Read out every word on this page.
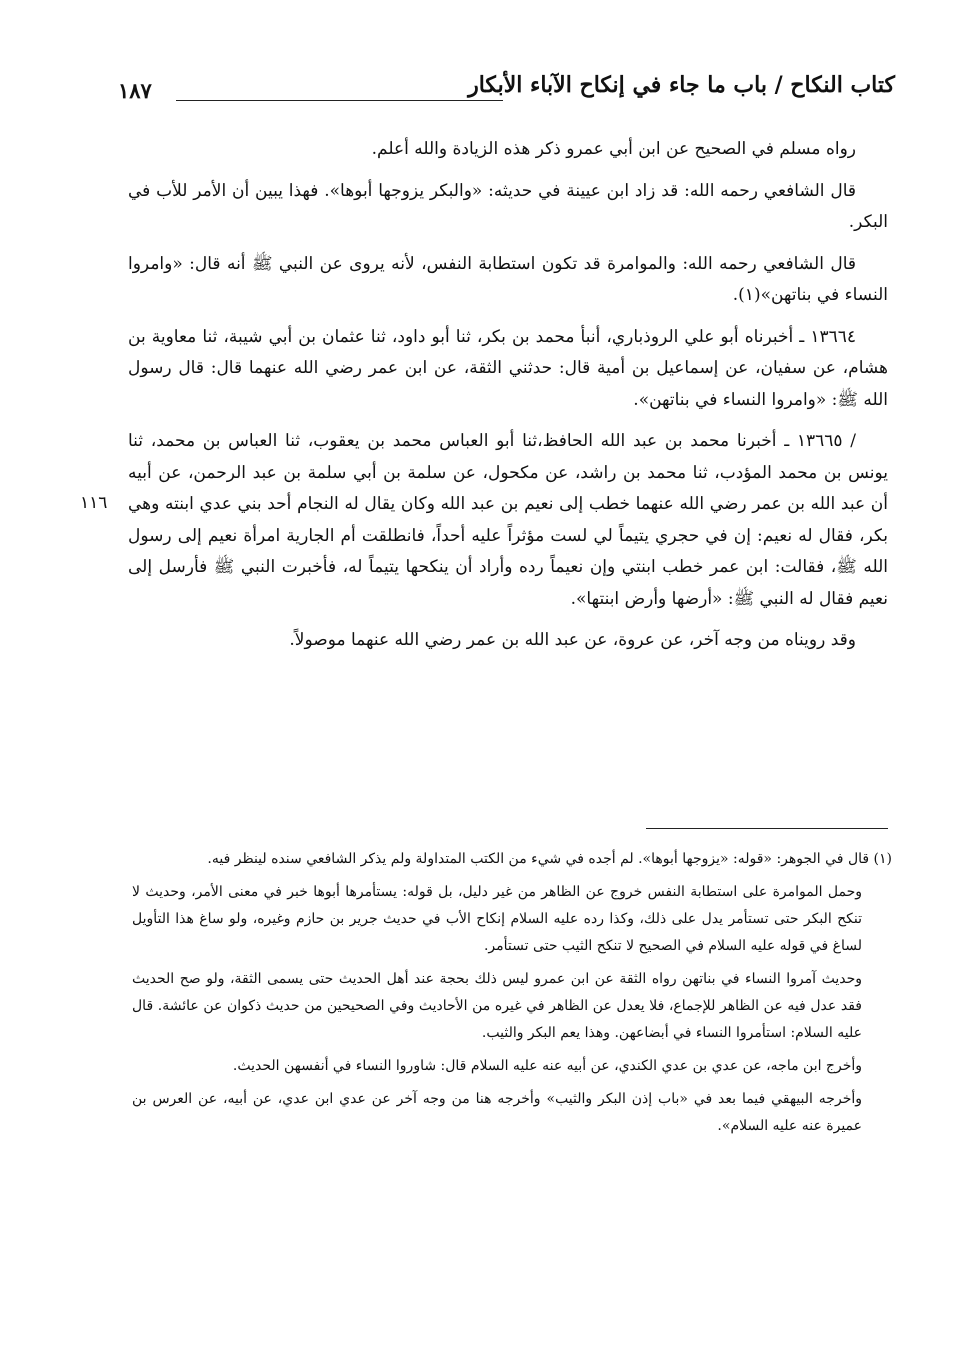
كتاب النكاح / باب ما جاء في إنكاح الآباء الأبكار
١٨٧
١١٦

رواه مسلم في الصحيح عن ابن أبي عمرو ذكر هذه الزيادة والله أعلم.

قال الشافعي رحمه الله: قد زاد ابن عيينة في حديثه: «والبكر يزوجها أبوها». فهذا يبين أن الأمر للأب في البكر.

قال الشافعي رحمه الله: والموامرة قد تكون استطابة النفس، لأنه يروى عن النبي ﷺ أنه قال: «وامروا النساء في بناتهن»(١).

١٣٦٦٤ ـ أخبرناه أبو علي الروذباري، أنبأ محمد بن بكر، ثنا أبو داود، ثنا عثمان بن أبي شيبة، ثنا معاوية بن هشام، عن سفيان، عن إسماعيل بن أمية قال: حدثني الثقة، عن ابن عمر رضي الله عنهما قال: قال رسول الله ﷺ: «وامروا النساء في بناتهن».

/ ١٣٦٦٥ ـ أخبرنا محمد بن عبد الله الحافظ،ثنا أبو العباس محمد بن يعقوب، ثنا العباس بن محمد، ثنا يونس بن محمد المؤدب، ثنا محمد بن راشد، عن مكحول، عن سلمة بن أبي سلمة بن عبد الرحمن، عن أبيه أن عبد الله بن عمر رضي الله عنهما خطب إلى نعيم بن عبد الله وكان يقال له النجام أحد بني عدي ابنته وهي بكر، فقال له نعيم: إن في حجري يتيماً لي لست مؤثراً عليه أحداً، فانطلقت أم الجارية امرأة نعيم إلى رسول الله ﷺ، فقالت: ابن عمر خطب ابنتي وإن نعيماً رده وأراد أن ينكحها يتيماً له، فأخبرت النبي ﷺ فأرسل إلى نعيم فقال له النبي ﷺ: «أرضها وأرض ابنتها».

وقد رويناه من وجه آخر، عن عروة، عن عبد الله بن عمر رضي الله عنهما موصولاً.

(١) قال في الجوهر: «قوله: «يزوجها أبوها». لم أجده في شيء من الكتب المتداولة ولم يذكر الشافعي سنده لينظر فيه.

وحمل الموامرة على استطابة النفس خروج عن الظاهر من غير دليل، بل قوله: يستأمرها أبوها خبر في معنى الأمر، وحديث لا تنكح البكر حتى تستأمر يدل على ذلك، وكذا رده عليه السلام إنكاح الأب في حديث جرير بن حازم وغيره، ولو ساغ هذا التأويل لساغ في قوله عليه السلام في الصحيح لا تنكح الثيب حتى تستأمر.

وحديث آمروا النساء في بناتهن رواه الثقة عن ابن عمرو ليس ذلك بحجة عند أهل الحديث حتى يسمى الثقة، ولو صح الحديث فقد عدل فيه عن الظاهر للإجماع، فلا يعدل عن الظاهر في غيره من الأحاديث وفي الصحيحين من حديث ذكوان عن عائشة. قال عليه السلام: استأمروا النساء في أبضاعهن. وهذا يعم البكر والثيب.

وأخرج ابن ماجه، عن عدي بن عدي الكندي، عن أبيه عنه عليه السلام قال: شاوروا النساء في أنفسهن الحديث.

وأخرجه البيهقي فيما بعد في «باب إذن البكر والثيب» وأخرجه هنا من وجه آخر عن عدي ابن عدي، عن أبيه، عن العرس بن عميرة عنه عليه السلام».
